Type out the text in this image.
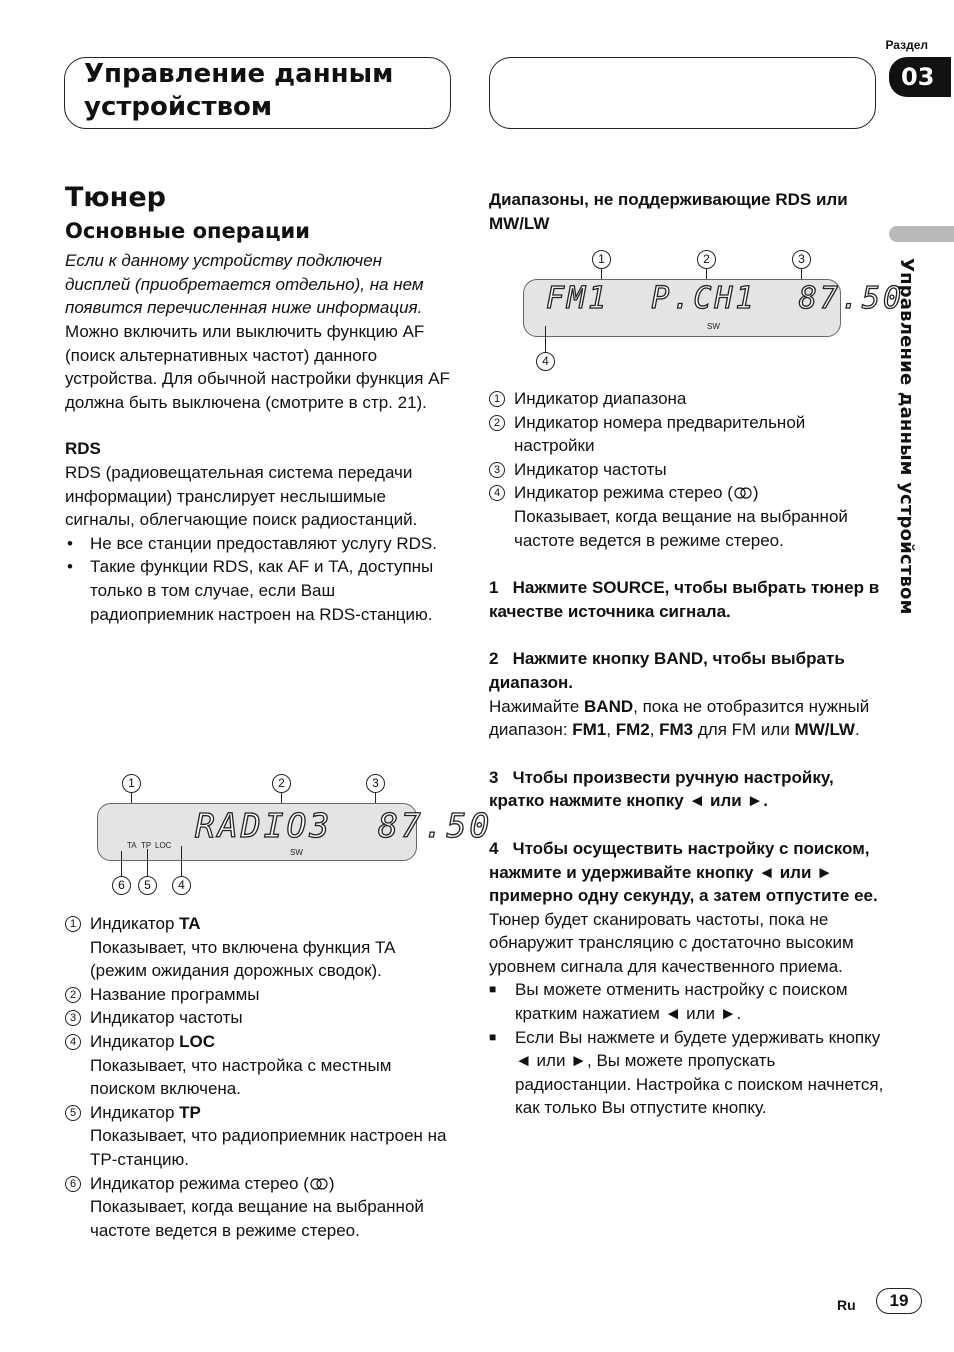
Управление данным
устройством
Раздел
03
Управление данным устройством
Тюнер
Основные операции

Если к данному устройству подключен дисплей (приобретается отдельно), на нем появится перечисленная ниже информация.

Можно включить или выключить функцию AF (поиск альтернативных частот) данного устройства. Для обычной настройки функция AF должна быть выключена (смотрите в стр. 21).

RDS

RDS (радиовещательная система передачи информации) транслирует неслышимые сигналы, облегчающие поиск радиостанций.

• Не все станции предоставляют услугу RDS.
• Такие функции RDS, как AF и TA, доступны только в том случае, если Ваш радиоприемник настроен на RDS-станцию.
1	2	3
RADIO3  87.50
TA TP LOC
SW
6	5	4
1 Индикатор TA
Показывает, что включена функция TA (режим ожидания дорожных сводок).
2 Название программы
3 Индикатор частоты
4 Индикатор LOC
Показывает, что настройка с местным поиском включена.
5 Индикатор TP
Показывает, что радиоприемник настроен на TP-станцию.
6 Индикатор режима стерео ( )
Показывает, когда вещание на выбранной частоте ведется в режиме стерео.

Диапазоны, не поддерживающие RDS или MW/LW

1	2	3
FM1  P.CH1  87.50
SW
4
1 Индикатор диапазона
2 Индикатор номера предварительной настройки
3 Индикатор частоты
4 Индикатор режима стерео ( )
Показывает, когда вещание на выбранной частоте ведется в режиме стерео.

1   Нажмите SOURCE, чтобы выбрать тюнер в качестве источника сигнала.

2   Нажмите кнопку BAND, чтобы выбрать диапазон.

Нажимайте BAND, пока не отобразится нужный диапазон: FM1, FM2, FM3 для FM или MW/LW.

3   Чтобы произвести ручную настройку, кратко нажмите кнопку ◄ или ►.

4   Чтобы осуществить настройку с поиском, нажмите и удерживайте кнопку ◄ или ► примерно одну секунду, а затем отпустите ее.

Тюнер будет сканировать частоты, пока не обнаружит трансляцию с достаточно высоким уровнем сигнала для качественного приема.

■ Вы можете отменить настройку с поиском кратким нажатием ◄ или ►.
■ Если Вы нажмете и будете удерживать кнопку ◄ или ►, Вы можете пропускать радиостанции. Настройка с поиском начнется, как только Вы отпустите кнопку.
Ru	19
